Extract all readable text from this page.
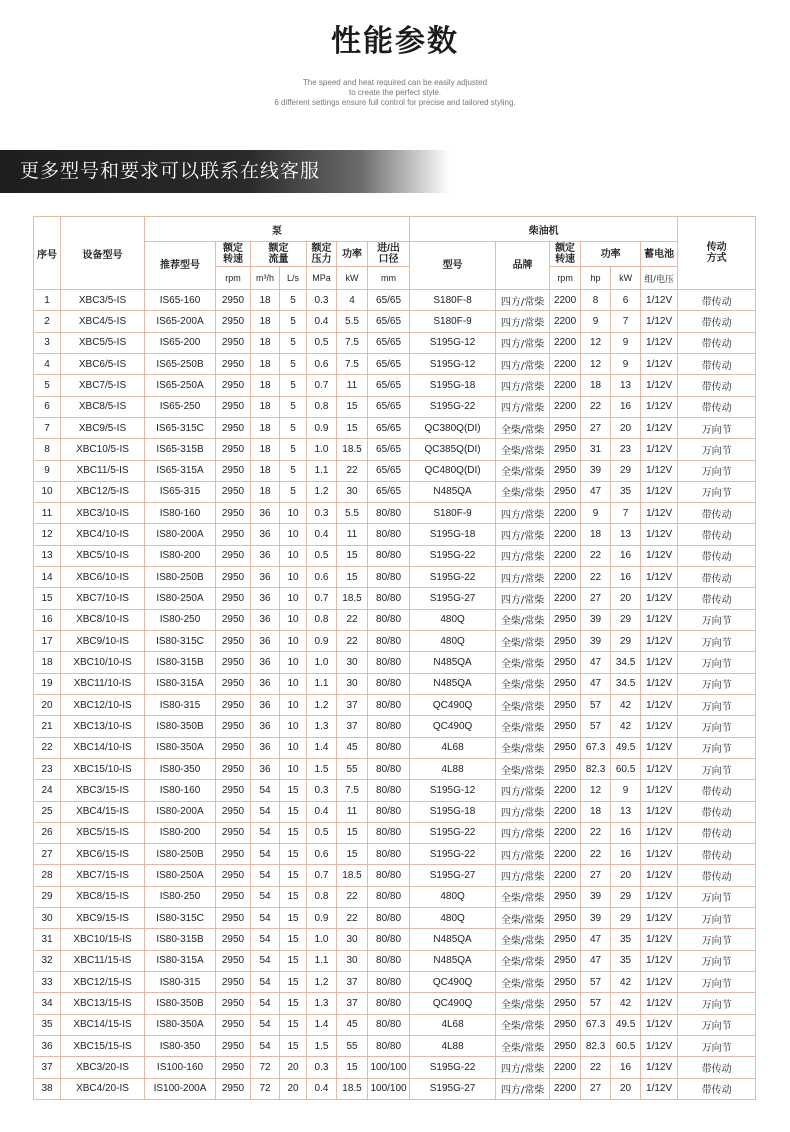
性能参数
The speed and heat required can be easily adjusted
to create the perfect style.
6 different settings ensure full control for precise and tailored styling.
更多型号和要求可以联系在线客服
序号	设备型号	泵							柴油机						传动
方式
		推荐型号	额定
转速	额定
流量		额定
压力	功率	进/出
口径	型号	品牌	额定
转速	功率		蓄电池	
			rpm	m³/h	L/s	MPa	kW	mm			rpm	hp	kW	组/电压	
1	XBC3/5-IS	IS65-160	2950	18	5	0.3	4	65/65	S180F-8	四方/常柴	2200	8	6	1/12V	带传动
2	XBC4/5-IS	IS65-200A	2950	18	5	0.4	5.5	65/65	S180F-9	四方/常柴	2200	9	7	1/12V	带传动
3	XBC5/5-IS	IS65-200	2950	18	5	0.5	7.5	65/65	S195G-12	四方/常柴	2200	12	9	1/12V	带传动
4	XBC6/5-IS	IS65-250B	2950	18	5	0.6	7.5	65/65	S195G-12	四方/常柴	2200	12	9	1/12V	带传动
5	XBC7/5-IS	IS65-250A	2950	18	5	0.7	11	65/65	S195G-18	四方/常柴	2200	18	13	1/12V	带传动
6	XBC8/5-IS	IS65-250	2950	18	5	0.8	15	65/65	S195G-22	四方/常柴	2200	22	16	1/12V	带传动
7	XBC9/5-IS	IS65-315C	2950	18	5	0.9	15	65/65	QC380Q(DI)	全柴/常柴	2950	27	20	1/12V	万向节
8	XBC10/5-IS	IS65-315B	2950	18	5	1.0	18.5	65/65	QC385Q(DI)	全柴/常柴	2950	31	23	1/12V	万向节
9	XBC11/5-IS	IS65-315A	2950	18	5	1.1	22	65/65	QC480Q(DI)	全柴/常柴	2950	39	29	1/12V	万向节
10	XBC12/5-IS	IS65-315	2950	18	5	1.2	30	65/65	N485QA	全柴/常柴	2950	47	35	1/12V	万向节
11	XBC3/10-IS	IS80-160	2950	36	10	0.3	5.5	80/80	S180F-9	四方/常柴	2200	9	7	1/12V	带传动
12	XBC4/10-IS	IS80-200A	2950	36	10	0.4	11	80/80	S195G-18	四方/常柴	2200	18	13	1/12V	带传动
13	XBC5/10-IS	IS80-200	2950	36	10	0.5	15	80/80	S195G-22	四方/常柴	2200	22	16	1/12V	带传动
14	XBC6/10-IS	IS80-250B	2950	36	10	0.6	15	80/80	S195G-22	四方/常柴	2200	22	16	1/12V	带传动
15	XBC7/10-IS	IS80-250A	2950	36	10	0.7	18.5	80/80	S195G-27	四方/常柴	2200	27	20	1/12V	带传动
16	XBC8/10-IS	IS80-250	2950	36	10	0.8	22	80/80	480Q	全柴/常柴	2950	39	29	1/12V	万向节
17	XBC9/10-IS	IS80-315C	2950	36	10	0.9	22	80/80	480Q	全柴/常柴	2950	39	29	1/12V	万向节
18	XBC10/10-IS	IS80-315B	2950	36	10	1.0	30	80/80	N485QA	全柴/常柴	2950	47	34.5	1/12V	万向节
19	XBC11/10-IS	IS80-315A	2950	36	10	1.1	30	80/80	N485QA	全柴/常柴	2950	47	34.5	1/12V	万向节
20	XBC12/10-IS	IS80-315	2950	36	10	1.2	37	80/80	QC490Q	全柴/常柴	2950	57	42	1/12V	万向节
21	XBC13/10-IS	IS80-350B	2950	36	10	1.3	37	80/80	QC490Q	全柴/常柴	2950	57	42	1/12V	万向节
22	XBC14/10-IS	IS80-350A	2950	36	10	1.4	45	80/80	4L68	全柴/常柴	2950	67.3	49.5	1/12V	万向节
23	XBC15/10-IS	IS80-350	2950	36	10	1.5	55	80/80	4L88	全柴/常柴	2950	82.3	60.5	1/12V	万向节
24	XBC3/15-IS	IS80-160	2950	54	15	0.3	7.5	80/80	S195G-12	四方/常柴	2200	12	9	1/12V	带传动
25	XBC4/15-IS	IS80-200A	2950	54	15	0.4	11	80/80	S195G-18	四方/常柴	2200	18	13	1/12V	带传动
26	XBC5/15-IS	IS80-200	2950	54	15	0.5	15	80/80	S195G-22	四方/常柴	2200	22	16	1/12V	带传动
27	XBC6/15-IS	IS80-250B	2950	54	15	0.6	15	80/80	S195G-22	四方/常柴	2200	22	16	1/12V	带传动
28	XBC7/15-IS	IS80-250A	2950	54	15	0.7	18.5	80/80	S195G-27	四方/常柴	2200	27	20	1/12V	带传动
29	XBC8/15-IS	IS80-250	2950	54	15	0.8	22	80/80	480Q	全柴/常柴	2950	39	29	1/12V	万向节
30	XBC9/15-IS	IS80-315C	2950	54	15	0.9	22	80/80	480Q	全柴/常柴	2950	39	29	1/12V	万向节
31	XBC10/15-IS	IS80-315B	2950	54	15	1.0	30	80/80	N485QA	全柴/常柴	2950	47	35	1/12V	万向节
32	XBC11/15-IS	IS80-315A	2950	54	15	1.1	30	80/80	N485QA	全柴/常柴	2950	47	35	1/12V	万向节
33	XBC12/15-IS	IS80-315	2950	54	15	1.2	37	80/80	QC490Q	全柴/常柴	2950	57	42	1/12V	万向节
34	XBC13/15-IS	IS80-350B	2950	54	15	1.3	37	80/80	QC490Q	全柴/常柴	2950	57	42	1/12V	万向节
35	XBC14/15-IS	IS80-350A	2950	54	15	1.4	45	80/80	4L68	全柴/常柴	2950	67.3	49.5	1/12V	万向节
36	XBC15/15-IS	IS80-350	2950	54	15	1.5	55	80/80	4L88	全柴/常柴	2950	82.3	60.5	1/12V	万向节
37	XBC3/20-IS	IS100-160	2950	72	20	0.3	15	100/100	S195G-22	四方/常柴	2200	22	16	1/12V	带传动
38	XBC4/20-IS	IS100-200A	2950	72	20	0.4	18.5	100/100	S195G-27	四方/常柴	2200	27	20	1/12V	带传动
